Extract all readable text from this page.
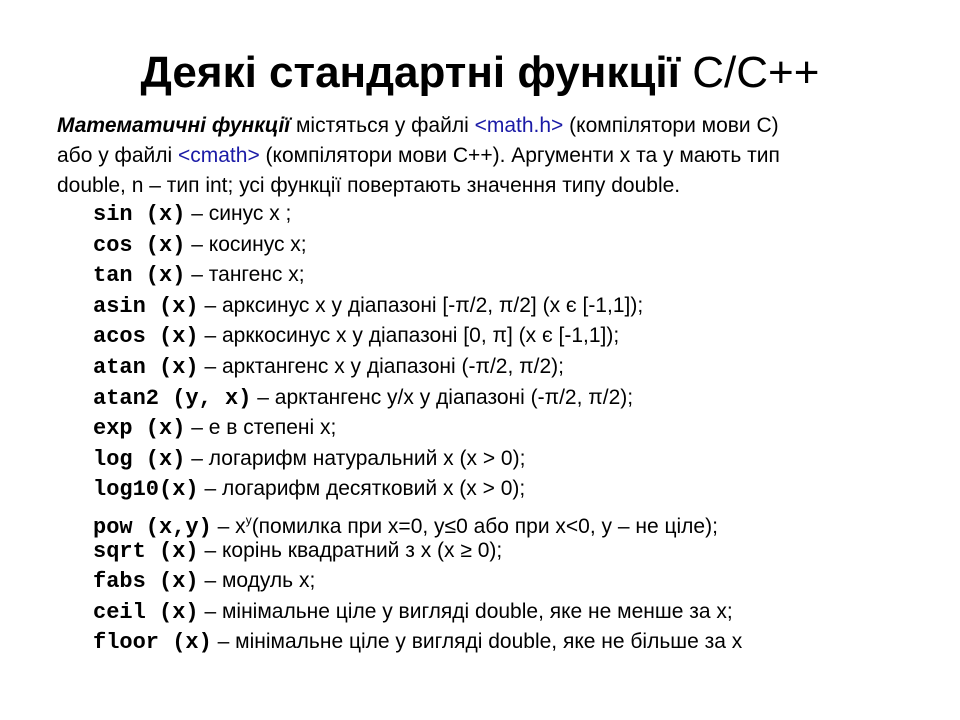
Деякі стандартні функції C/C++
Математичні функції містяться у файлі <math.h> (компілятори мови С)
або у файлі <cmath> (компілятори мови С++). Аргументи x та y мають тип
double, n – тип int; усі функції повертають значення типу double.
sin (x) – синус x ;
cos (x) – косинус x;
tan (x) – тангенс x;
asin (x) – арксинус x у діапазоні [-π/2, π/2] (x є [-1,1]);
acos (x) – арккосинус x у діапазоні [0, π] (x є [-1,1]);
atan (x) – арктангенс x у діапазоні (-π/2, π/2);
atan2 (y, x) – арктангенс y/x у діапазоні (-π/2, π/2);
exp (x) – е в степені x;
log (x) – логарифм натуральний x (x > 0);
log10(x) – логарифм десятковий x (x > 0);
pow $(x,y) - x^y(помилка$ при x=0, y≤0 або при x<0, y – не ціле);
sqrt (x) – корінь квадратний з x (x ≥ 0);
fabs (x) – модуль x;
ceil (x) – мінімальне ціле у вигляді double, яке не менше за x;
floor (x) – мінімальне ціле у вигляді double, яке не більше за x
